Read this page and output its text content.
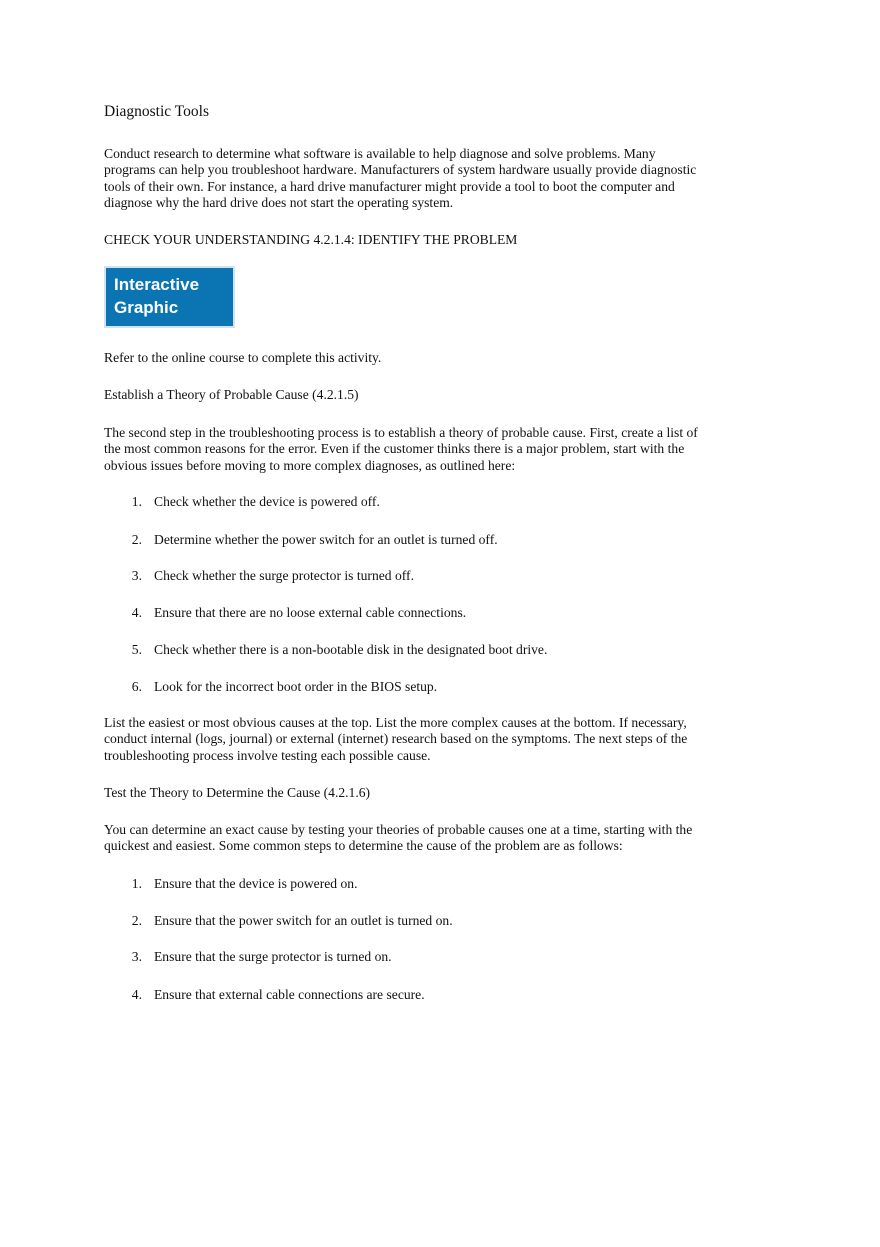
Diagnostic Tools
Conduct research to determine what software is available to help diagnose and solve problems. Many programs can help you troubleshoot hardware. Manufacturers of system hardware usually provide diagnostic tools of their own. For instance, a hard drive manufacturer might provide a tool to boot the computer and diagnose why the hard drive does not start the operating system.
CHECK YOUR UNDERSTANDING 4.2.1.4: IDENTIFY THE PROBLEM
Interactive
Graphic
Refer to the online course to complete this activity.
Establish a Theory of Probable Cause (4.2.1.5)
The second step in the troubleshooting process is to establish a theory of probable cause. First, create a list of the most common reasons for the error. Even if the customer thinks there is a major problem, start with the obvious issues before moving to more complex diagnoses, as outlined here:
1. Check whether the device is powered off.
2. Determine whether the power switch for an outlet is turned off.
3. Check whether the surge protector is turned off.
4. Ensure that there are no loose external cable connections.
5. Check whether there is a non-bootable disk in the designated boot drive.
6. Look for the incorrect boot order in the BIOS setup.
List the easiest or most obvious causes at the top. List the more complex causes at the bottom. If necessary, conduct internal (logs, journal) or external (internet) research based on the symptoms. The next steps of the troubleshooting process involve testing each possible cause.
Test the Theory to Determine the Cause (4.2.1.6)
You can determine an exact cause by testing your theories of probable causes one at a time, starting with the quickest and easiest. Some common steps to determine the cause of the problem are as follows:
1. Ensure that the device is powered on.
2. Ensure that the power switch for an outlet is turned on.
3. Ensure that the surge protector is turned on.
4. Ensure that external cable connections are secure.
